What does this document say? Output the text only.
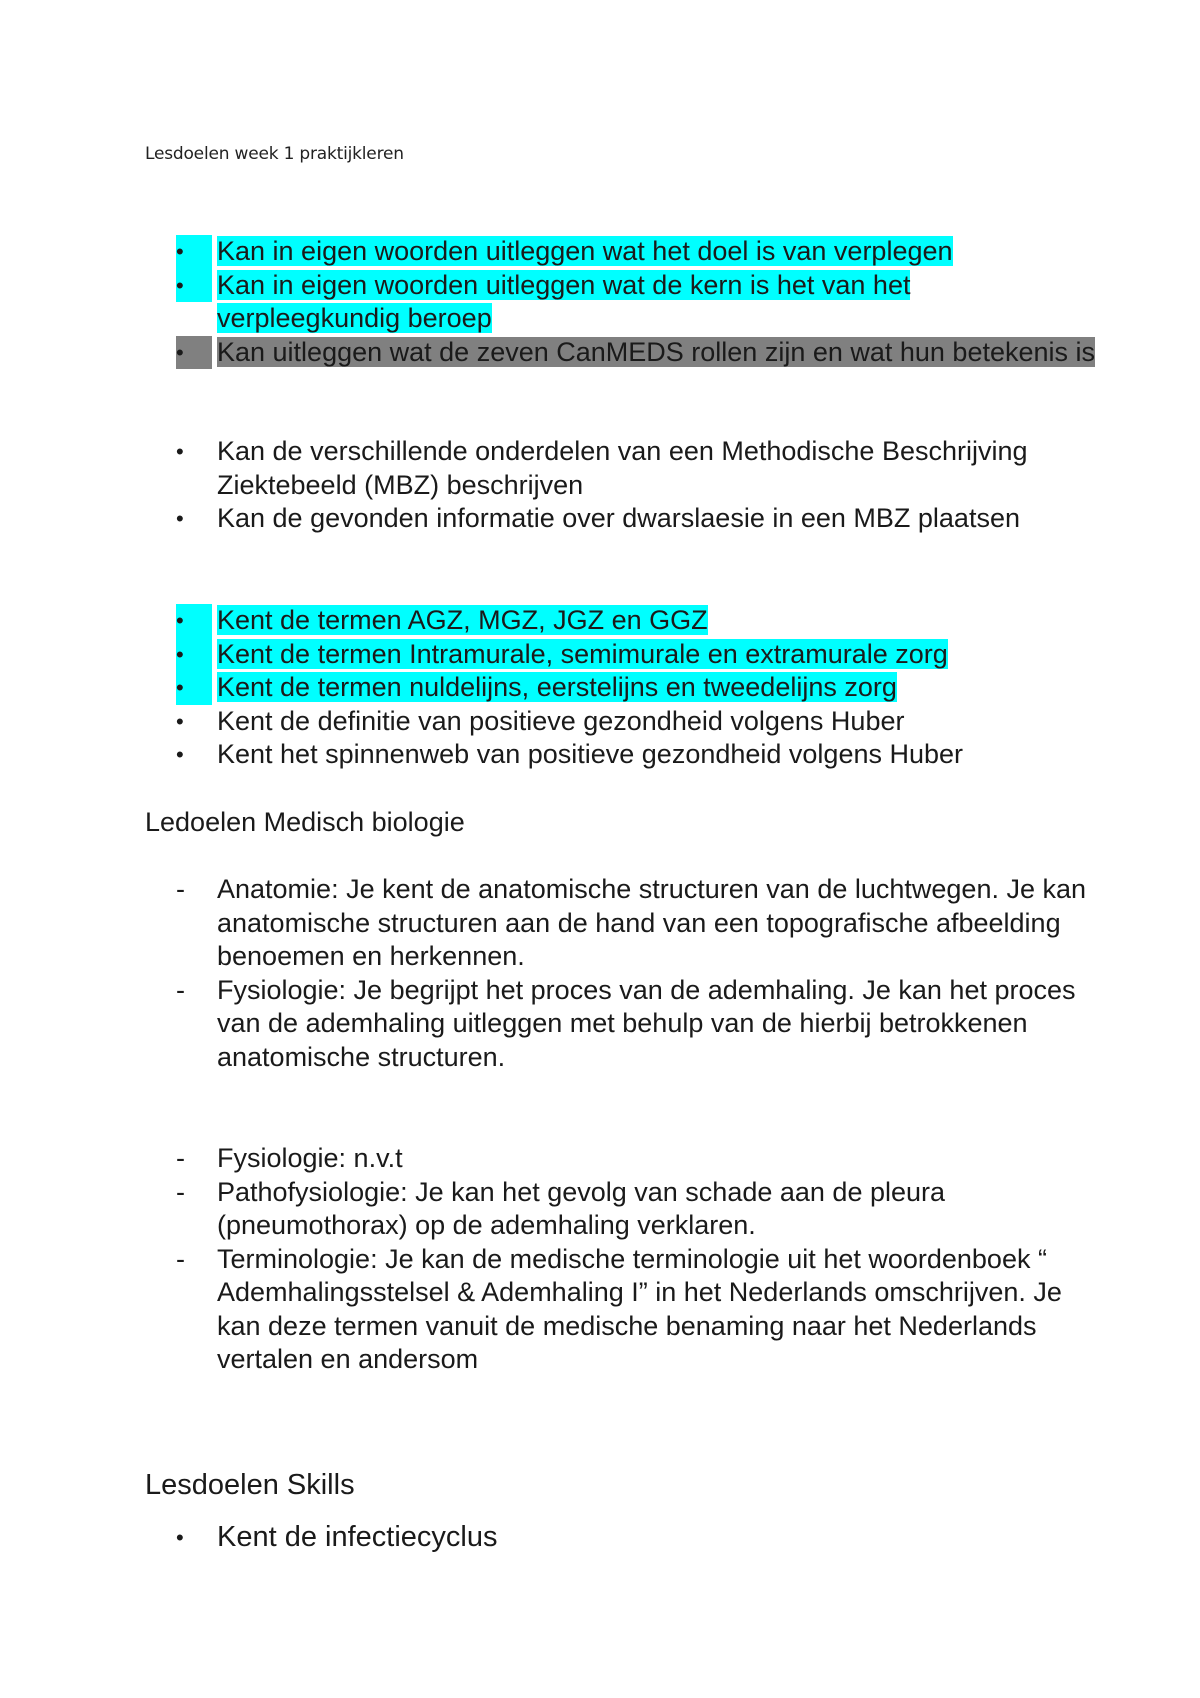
Lesdoelen week 1 praktijkleren
•	Kan in eigen woorden uitleggen wat het doel is van verplegen
•	Kan in eigen woorden uitleggen wat de kern is het van het verpleegkundig beroep
•	Kan uitleggen wat de zeven CanMEDS rollen zijn en wat hun betekenis is
•	Kan de verschillende onderdelen van een Methodische Beschrijving Ziektebeeld (MBZ) beschrijven
•	Kan de gevonden informatie over dwarslaesie in een MBZ plaatsen
•	Kent de termen AGZ, MGZ, JGZ en GGZ
•	Kent de termen Intramurale, semimurale en extramurale zorg
•	Kent de termen nuldelijns, eerstelijns en tweedelijns zorg
•	Kent de definitie van positieve gezondheid volgens Huber
•	Kent het spinnenweb van positieve gezondheid volgens Huber
Ledoelen Medisch biologie
-	Anatomie: Je kent de anatomische structuren van de luchtwegen. Je kan anatomische structuren aan de hand van een topografische afbeelding benoemen en herkennen.
-	Fysiologie: Je begrijpt het proces van de ademhaling. Je kan het proces van de ademhaling uitleggen met behulp van de hierbij betrokkenen anatomische structuren.
-	Fysiologie: n.v.t
-	Pathofysiologie: Je kan het gevolg van schade aan de pleura (pneumothorax) op de ademhaling verklaren.
-	Terminologie: Je kan de medische terminologie uit het woordenboek “ Ademhalingsstelsel & Ademhaling I” in het Nederlands omschrijven. Je kan deze termen vanuit de medische benaming naar het Nederlands vertalen en andersom
Lesdoelen Skills
•	Kent de infectiecyclus
